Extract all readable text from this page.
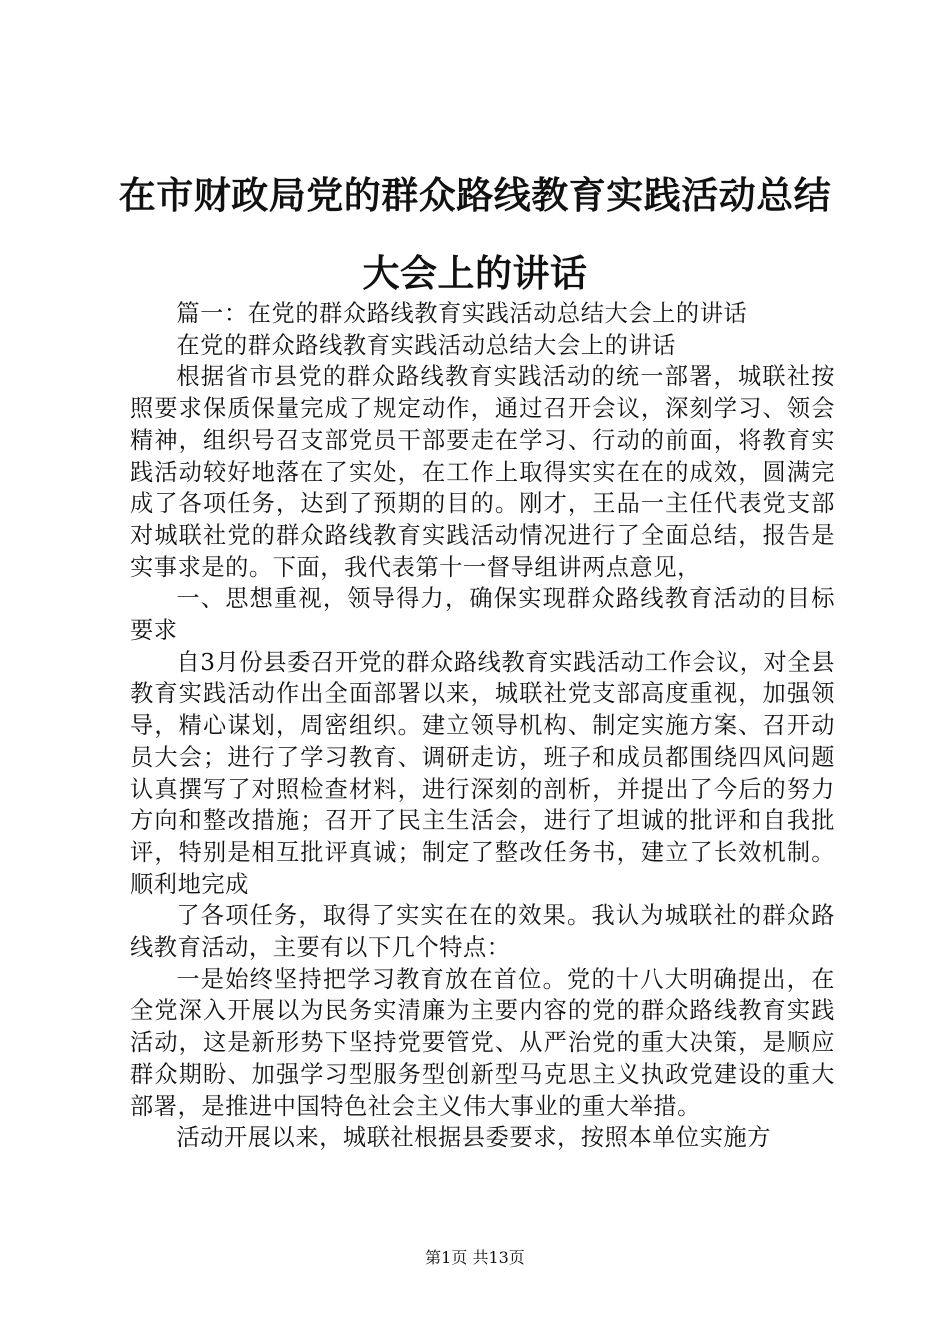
在市财政局党的群众路线教育实践活动总结大会上的讲话

篇一：在党的群众路线教育实践活动总结大会上的讲话

在党的群众路线教育实践活动总结大会上的讲话

根据省市县党的群众路线教育实践活动的统一部署，城联社按照要求保质保量完成了规定动作，通过召开会议，深刻学习、领会精神，组织号召支部党员干部要走在学习、行动的前面，将教育实践活动较好地落在了实处，在工作上取得实实在在的成效，圆满完成了各项任务，达到了预期的目的。刚才，王品一主任代表党支部对城联社党的群众路线教育实践活动情况进行了全面总结，报告是实事求是的。下面，我代表第十一督导组讲两点意见，

一、思想重视，领导得力，确保实现群众路线教育活动的目标要求

自3月份县委召开党的群众路线教育实践活动工作会议，对全县教育实践活动作出全面部署以来，城联社党支部高度重视，加强领导，精心谋划，周密组织。建立领导机构、制定实施方案、召开动员大会；进行了学习教育、调研走访，班子和成员都围绕四风问题认真撰写了对照检查材料，进行深刻的剖析，并提出了今后的努力方向和整改措施；召开了民主生活会，进行了坦诚的批评和自我批评，特别是相互批评真诚；制定了整改任务书，建立了长效机制。顺利地完成

了各项任务，取得了实实在在的效果。我认为城联社的群众路线教育活动，主要有以下几个特点：

一是始终坚持把学习教育放在首位。党的十八大明确提出，在全党深入开展以为民务实清廉为主要内容的党的群众路线教育实践活动，这是新形势下坚持党要管党、从严治党的重大决策，是顺应群众期盼、加强学习型服务型创新型马克思主义执政党建设的重大部署，是推进中国特色社会主义伟大事业的重大举措。

活动开展以来，城联社根据县委要求，按照本单位实施方

第1页 共13页
